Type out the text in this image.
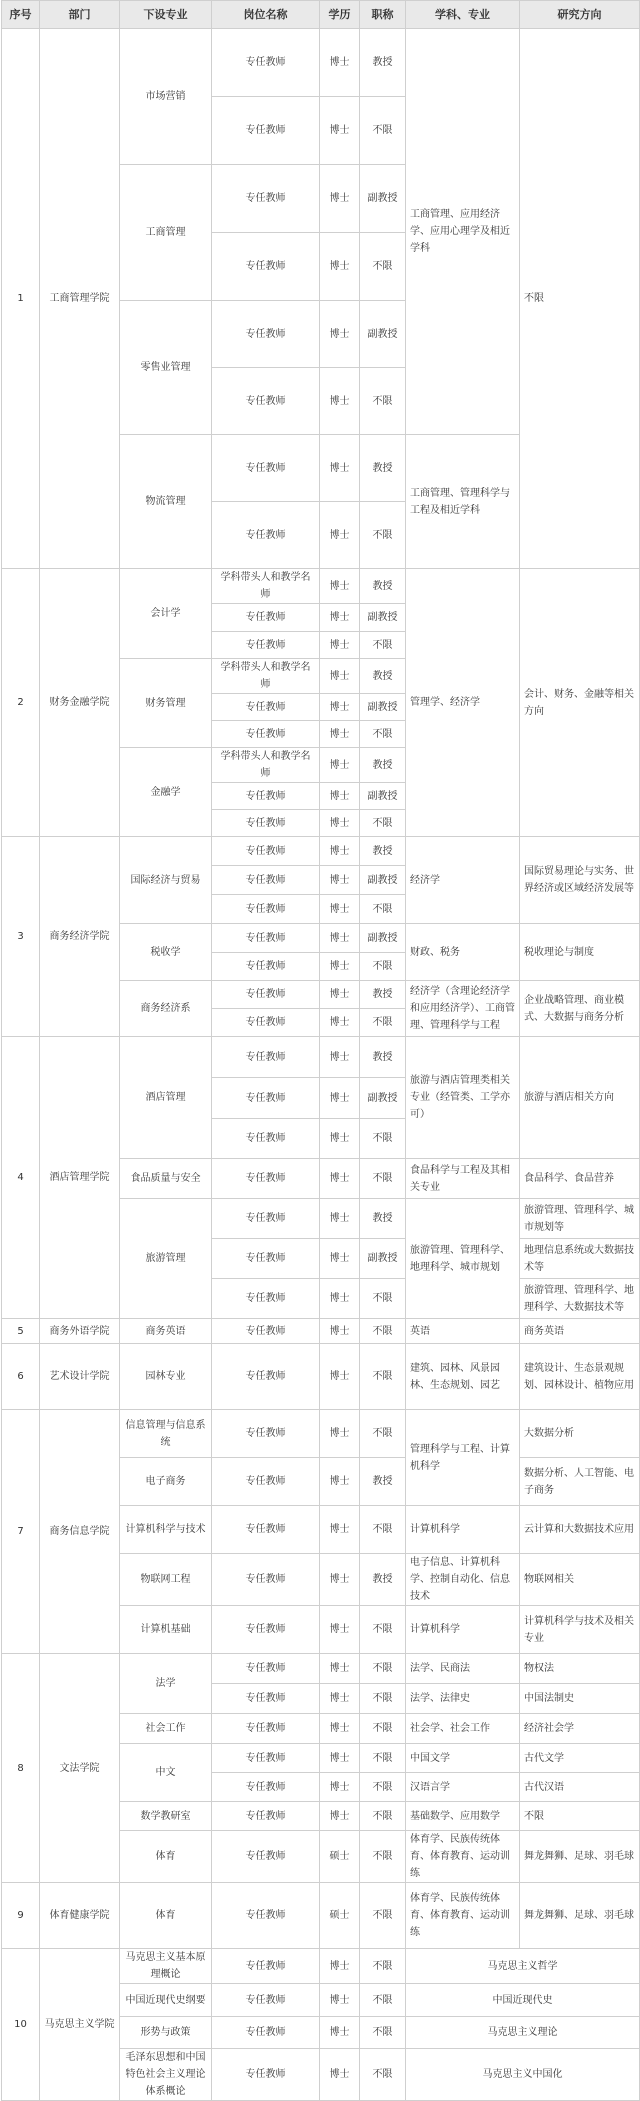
序号	部门	下设专业	岗位名称	学历	职称	学科、专业	研究方向
1	工商管理学院	市场营销	专任教师	博士	教授	工商管理、应用经济学、应用心理学及相近学科	不限
			专任教师	博士	不限		
		工商管理	专任教师	博士	副教授		
			专任教师	博士	不限		
		零售业管理	专任教师	博士	副教授		
			专任教师	博士	不限		
		物流管理	专任教师	博士	教授	工商管理、管理科学与工程及相近学科	
			专任教师	博士	不限		
2	财务金融学院	会计学	学科带头人和教学名师	博士	教授	管理学、经济学	会计、财务、金融等相关方向
			专任教师	博士	副教授		
			专任教师	博士	不限		
		财务管理	学科带头人和教学名师	博士	教授		
			专任教师	博士	副教授		
			专任教师	博士	不限		
		金融学	学科带头人和教学名师	博士	教授		
			专任教师	博士	副教授		
			专任教师	博士	不限		
3	商务经济学院	国际经济与贸易	专任教师	博士	教授	经济学	国际贸易理论与实务、世界经济或区域经济发展等
			专任教师	博士	副教授		
			专任教师	博士	不限		
		税收学	专任教师	博士	副教授	财政、税务	税收理论与制度
			专任教师	博士	不限		
		商务经济系	专任教师	博士	教授	经济学（含理论经济学和应用经济学）、工商管理、管理科学与工程	企业战略管理、商业模式、大数据与商务分析
			专任教师	博士	不限		
4	酒店管理学院	酒店管理	专任教师	博士	教授	旅游与酒店管理类相关专业（经管类、工学亦可）	旅游与酒店相关方向
			专任教师	博士	副教授		
			专任教师	博士	不限		
		食品质量与安全	专任教师	博士	不限	食品科学与工程及其相关专业	食品科学、食品营养
		旅游管理	专任教师	博士	教授	旅游管理、管理科学、地理科学、城市规划	旅游管理、管理科学、城市规划等
			专任教师	博士	副教授		地理信息系统或大数据技术等
			专任教师	博士	不限		旅游管理、管理科学、地理科学、大数据技术等
5	商务外语学院	商务英语	专任教师	博士	不限	英语	商务英语
6	艺术设计学院	园林专业	专任教师	博士	不限	建筑、园林、风景园林、生态规划、园艺	建筑设计、生态景观规划、园林设计、植物应用
7	商务信息学院	信息管理与信息系统	专任教师	博士	不限	管理科学与工程、计算机科学	大数据分析
		电子商务	专任教师	博士	教授		数据分析、人工智能、电子商务
		计算机科学与技术	专任教师	博士	不限	计算机科学	云计算和大数据技术应用
		物联网工程	专任教师	博士	教授	电子信息、计算机科学、控制自动化、信息技术	物联网相关
		计算机基础	专任教师	博士	不限	计算机科学	计算机科学与技术及相关专业
8	文法学院	法学	专任教师	博士	不限	法学、民商法	物权法
			专任教师	博士	不限	法学、法律史	中国法制史
		社会工作	专任教师	博士	不限	社会学、社会工作	经济社会学
		中文	专任教师	博士	不限	中国文学	古代文学
			专任教师	博士	不限	汉语言学	古代汉语
		数学教研室	专任教师	博士	不限	基础数学、应用数学	不限
		体育	专任教师	硕士	不限	体育学、民族传统体育、体育教育、运动训练	舞龙舞狮、足球、羽毛球
9	体育健康学院	体育	专任教师	硕士	不限	体育学、民族传统体育、体育教育、运动训练	舞龙舞狮、足球、羽毛球
10	马克思主义学院	马克思主义基本原理概论	专任教师	博士	不限	马克思主义哲学	
		中国近现代史纲要	专任教师	博士	不限	中国近现代史	
		形势与政策	专任教师	博士	不限	马克思主义理论	
		毛泽东思想和中国特色社会主义理论体系概论	专任教师	博士	不限	马克思主义中国化	
